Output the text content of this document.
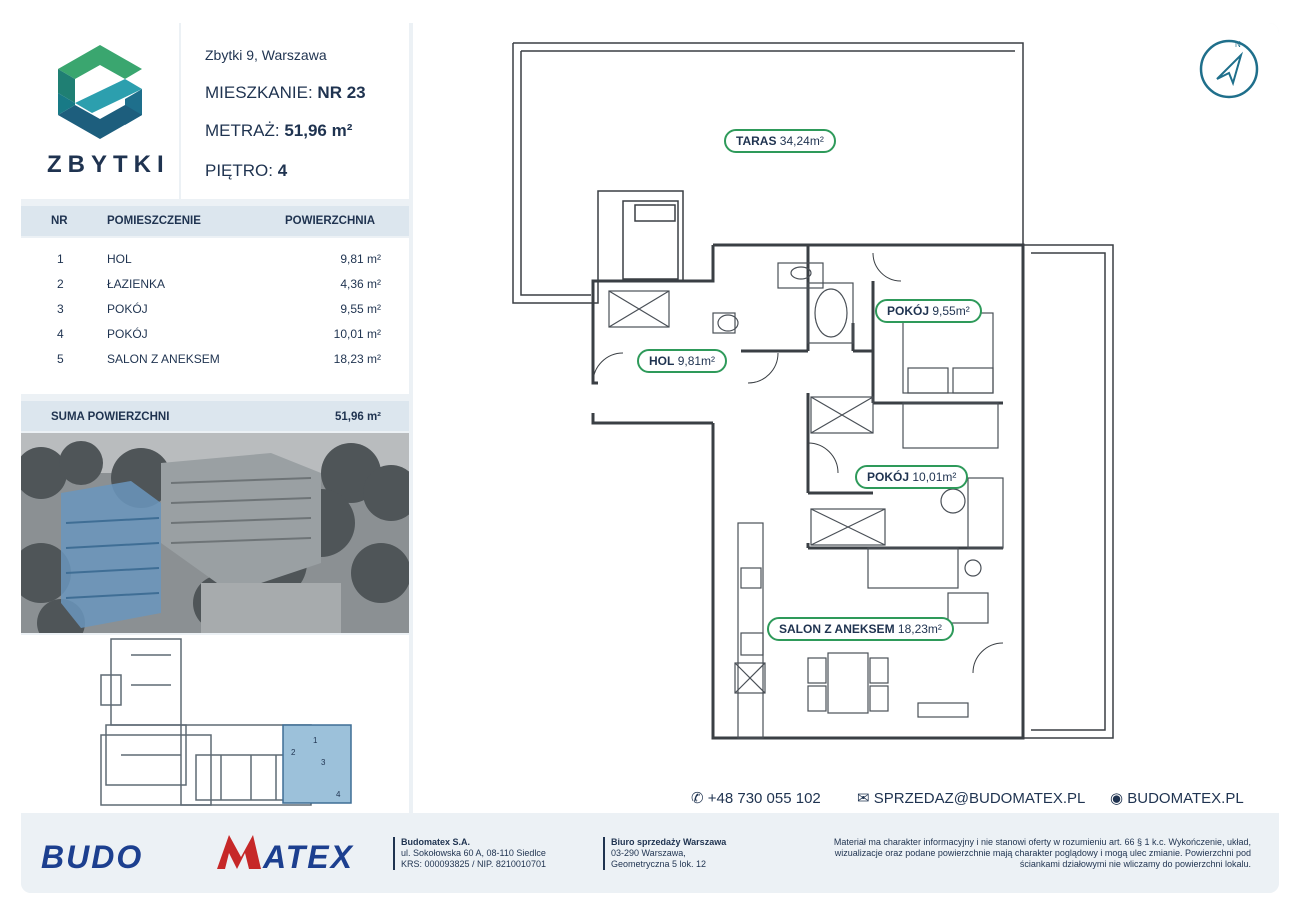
ZBYTKI
Zbytki 9, Warszawa
MIESZKANIE: NR 23
METRAŻ: 51,96 m²
PIĘTRO: 4
NR	POMIESZCZENIE	POWIERZCHNIA
1	HOL	9,81 m²
2	ŁAZIENKA	4,36 m²
3	POKÓJ	9,55 m²
4	POKÓJ	10,01 m²
5	SALON Z ANEKSEM	18,23 m²
SUMA POWIERZCHNI	51,96 m²
1
2
3
4
N
TARAS 34,24m²
HOL 9,81m²
POKÓJ 9,55m²
POKÓJ 10,01m²
SALON Z ANEKSEM 18,23m²
✆ +48 730 055 102 ✉ SPRZEDAZ@BUDOMATEX.PL ◉ BUDOMATEX.PL
BUDO	ATEX	Budomatex S.A.
ul. Sokołowska 60 A, 08-110 Siedlce
KRS: 000093825 / NIP. 8210010701
Biuro sprzedaży Warszawa
03-290 Warszawa,
Geometryczna 5 lok. 12
Materiał ma charakter informacyjny i nie stanowi oferty w rozumieniu art. 66 § 1 k.c. Wykończenie, układ,
wizualizacje oraz podane powierzchnie mają charakter poglądowy i mogą ulec zmianie. Powierzchni pod
ściankami działowymi nie wliczamy do powierzchni lokalu.
